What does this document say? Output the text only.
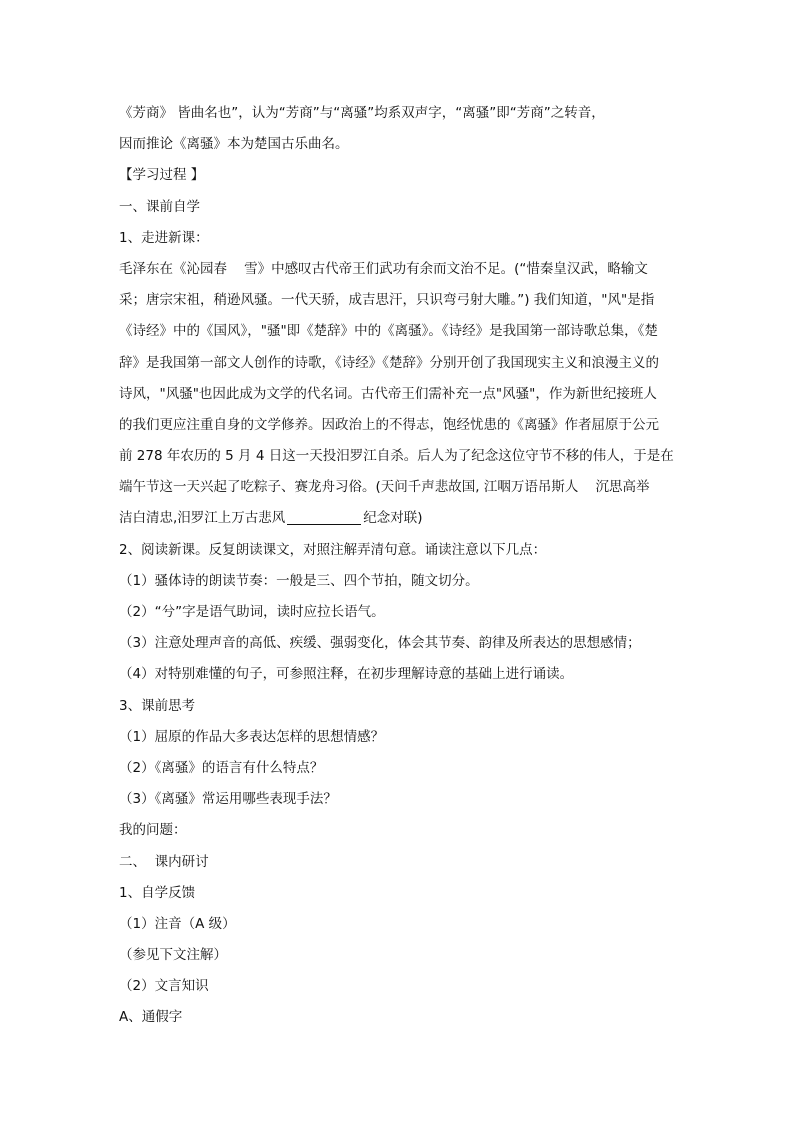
《芳商》 皆曲名也”，认为“芳商”与“离骚”均系双声字，“离骚”即“芳商”之转音，
因而推论《离骚》本为楚国古乐曲名。
【学习过程 】
一、课前自学
1、走进新课：
毛泽东在《沁园春    雪》中感叹古代帝王们武功有余而文治不足。(“惜秦皇汉武，略输文
采；唐宗宋祖，稍逊风骚。一代天骄，成吉思汗，只识弯弓射大雕。”) 我们知道，"风"是指
《诗经》中的《国风》，"骚"即《楚辞》中的《离骚》。《诗经》是我国第一部诗歌总集，《楚
辞》是我国第一部文人创作的诗歌，《诗经》《楚辞》分别开创了我国现实主义和浪漫主义的
诗风，"风骚"也因此成为文学的代名词。古代帝王们需补充一点"风骚"，作为新世纪接班人
的我们更应注重自身的文学修养。因政治上的不得志，饱经忧患的《离骚》作者屈原于公元
前 278 年农历的 5 月 4 日这一天投汨罗江自杀。后人为了纪念这位守节不移的伟人，于是在
端午节这一天兴起了吃粽子、赛龙舟习俗。(天问千声悲故国, 江咽万语吊斯人    沉思高举
洁白清忠,汨罗江上万古悲风	纪念对联)
2、阅读新课。反复朗读课文，对照注解弄清句意。诵读注意以下几点：
（1）骚体诗的朗读节奏：一般是三、四个节拍，随文切分。
（2）“兮”字是语气助词，读时应拉长语气。
（3）注意处理声音的高低、疾缓、强弱变化，体会其节奏、韵律及所表达的思想感情；
（4）对特别难懂的句子，可参照注释，在初步理解诗意的基础上进行诵读。
3、课前思考
（1）屈原的作品大多表达怎样的思想情感？
（2）《离骚》的语言有什么特点？
（3）《离骚》常运用哪些表现手法？
我的问题：
二、  课内研讨
1、自学反馈
（1）注音（A 级）
（参见下文注解）
（2）文言知识
A、通假字
